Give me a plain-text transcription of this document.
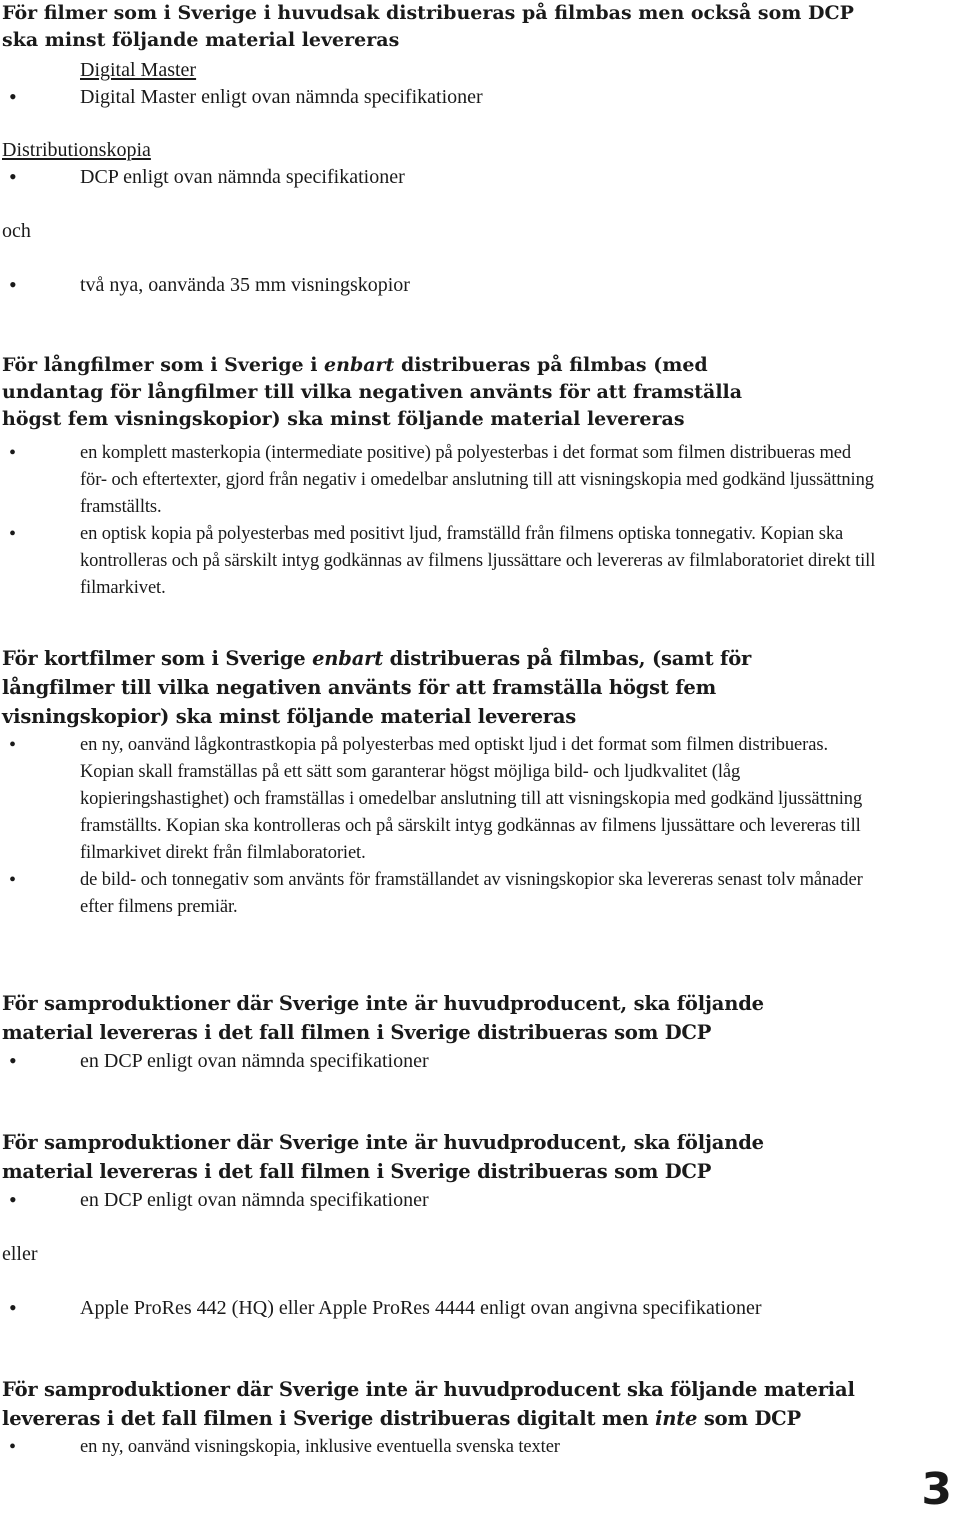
För filmer som i Sverige i huvudsak distribueras på filmbas men också som DCP ska minst följande material levereras

Digital Master
•	Digital Master enligt ovan nämnda specifikationer
Distributionskopia
•	DCP enligt ovan nämnda specifikationer
och
•	två nya, oanvända 35 mm visningskopior

För långfilmer som i Sverige i enbart distribueras på filmbas (med undantag för långfilmer till vilka negativen använts för att framställa högst fem visningskopior) ska minst följande material levereras

•	en komplett masterkopia (intermediate positive) på polyesterbas i det format som filmen distribueras med för- och eftertexter, gjord från negativ i omedelbar anslutning till att visningskopia med godkänd ljussättning framställts.
•	en optisk kopia på polyesterbas med positivt ljud, framställd från filmens optiska tonnegativ. Kopian ska kontrolleras och på särskilt intyg godkännas av filmens ljussättare och levereras av filmlaboratoriet direkt till filmarkivet.

För kortfilmer som i Sverige enbart distribueras på filmbas, (samt för långfilmer till vilka negativen använts för att framställa högst fem visningskopior) ska minst följande material levereras

•	en ny, oanvänd lågkontrastkopia på polyesterbas med optiskt ljud i det format som filmen distribueras. Kopian skall framställas på ett sätt som garanterar högst möjliga bild- och ljudkvalitet (låg kopieringshastighet) och framställas i omedelbar anslutning till att visningskopia med godkänd ljussättning framställts. Kopian ska kontrolleras och på särskilt intyg godkännas av filmens ljussättare och levereras till filmarkivet direkt från filmlaboratoriet.
•	de bild- och tonnegativ som använts för framställandet av visningskopior ska levereras senast tolv månader efter filmens premiär.

För samproduktioner där Sverige inte är huvudproducent, ska följande material levereras i det fall filmen i Sverige distribueras som DCP

•	en DCP enligt ovan nämnda specifikationer

För samproduktioner där Sverige inte är huvudproducent, ska följande material levereras i det fall filmen i Sverige distribueras som DCP

•	en DCP enligt ovan nämnda specifikationer
eller
•	Apple ProRes 442 (HQ) eller Apple ProRes 4444 enligt ovan angivna specifikationer

För samproduktioner där Sverige inte är huvudproducent ska följande material levereras i det fall filmen i Sverige distribueras digitalt men inte som DCP

•	en ny, oanvänd visningskopia, inklusive eventuella svenska texter
3
